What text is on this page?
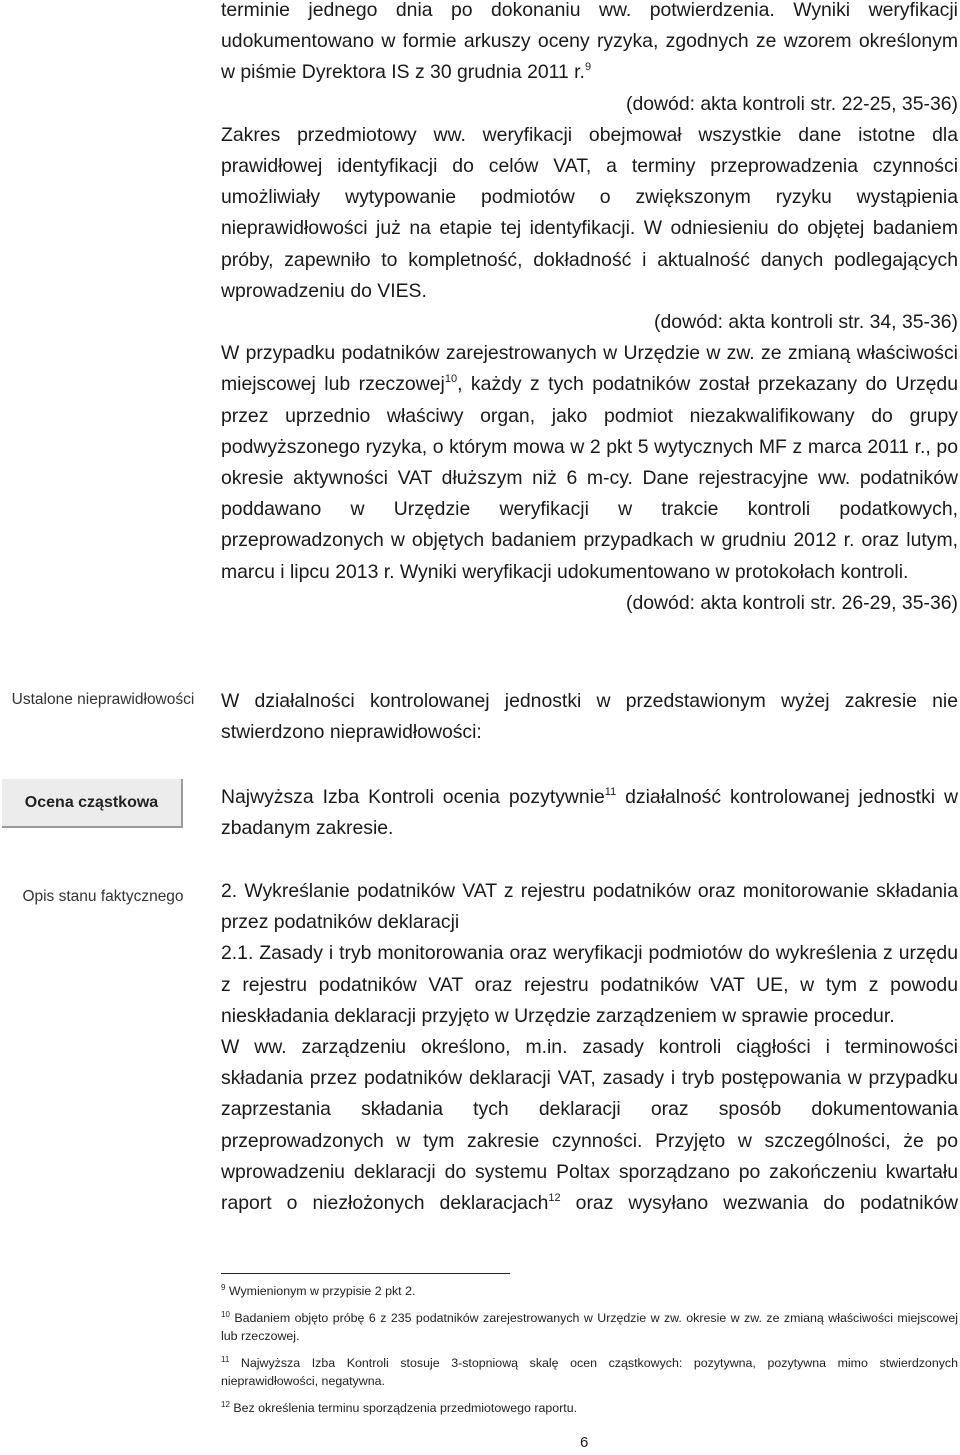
terminie jednego dnia po dokonaniu ww. potwierdzenia. Wyniki weryfikacji udokumentowano w formie arkuszy oceny ryzyka, zgodnych ze wzorem określonym w piśmie Dyrektora IS z 30 grudnia 2011 r.$^9$

(dowód: akta kontroli str. 22-25, 35-36)

Zakres przedmiotowy ww. weryfikacji obejmował wszystkie dane istotne dla prawidłowej identyfikacji do celów VAT, a terminy przeprowadzenia czynności umożliwiały wytypowanie podmiotów o zwiększonym ryzyku wystąpienia nieprawidłowości już na etapie tej identyfikacji. W odniesieniu do objętej badaniem próby, zapewniło to kompletność, dokładność i aktualność danych podlegających wprowadzeniu do VIES.

(dowód: akta kontroli str. 34, 35-36)

W przypadku podatników zarejestrowanych w Urzędzie w zw. ze zmianą właściwości miejscowej lub rzeczowej$^{10}$, każdy z tych podatników został przekazany do Urzędu przez uprzednio właściwy organ, jako podmiot niezakwalifikowany do grupy podwyższonego ryzyka, o którym mowa w 2 pkt 5 wytycznych MF z marca 2011 r., po okresie aktywności VAT dłuższym niż 6 m-cy. Dane rejestracyjne ww. podatników poddawano w Urzędzie weryfikacji w trakcie kontroli podatkowych, przeprowadzonych w objętych badaniem przypadkach w grudniu 2012 r. oraz lutym, marcu i lipcu 2013 r. Wyniki weryfikacji udokumentowano w protokołach kontroli.

(dowód: akta kontroli str. 26-29, 35-36)

Ustalone nieprawidłowości
Ocena cząstkowa
Opis stanu faktycznego

W działalności kontrolowanej jednostki w przedstawionym wyżej zakresie nie stwierdzono nieprawidłowości:

Najwyższa Izba Kontroli ocenia pozytywnie$^{11}$ działalność kontrolowanej jednostki w zbadanym zakresie.

2. Wykreślanie podatników VAT z rejestru podatników oraz monitorowanie składania przez podatników deklaracji

2.1. Zasady i tryb monitorowania oraz weryfikacji podmiotów do wykreślenia z urzędu z rejestru podatników VAT oraz rejestru podatników VAT UE, w tym z powodu nieskładania deklaracji przyjęto w Urzędzie zarządzeniem w sprawie procedur.

W ww. zarządzeniu określono, m.in. zasady kontroli ciągłości i terminowości składania przez podatników deklaracji VAT, zasady i tryb postępowania w przypadku zaprzestania składania tych deklaracji oraz sposób dokumentowania przeprowadzonych w tym zakresie czynności. Przyjęto w szczególności, że po wprowadzeniu deklaracji do systemu Poltax sporządzano po zakończeniu kwartału raport o niezłożonych deklaracjach$^{12}$ oraz wysyłano wezwania do podatników

$^9$ Wymienionym w przypisie 2 pkt 2.

$^{10}$ Badaniem objęto próbę 6 z 235 podatników zarejestrowanych w Urzędzie w zw. okresie w zw. ze zmianą właściwości miejscowej lub rzeczowej.

$^{11}$ Najwyższa Izba Kontroli stosuje 3-stopniową skalę ocen cząstkowych: pozytywna, pozytywna mimo stwierdzonych nieprawidłowości, negatywna.

$^{12}$ Bez określenia terminu sporządzenia przedmiotowego raportu.

6
